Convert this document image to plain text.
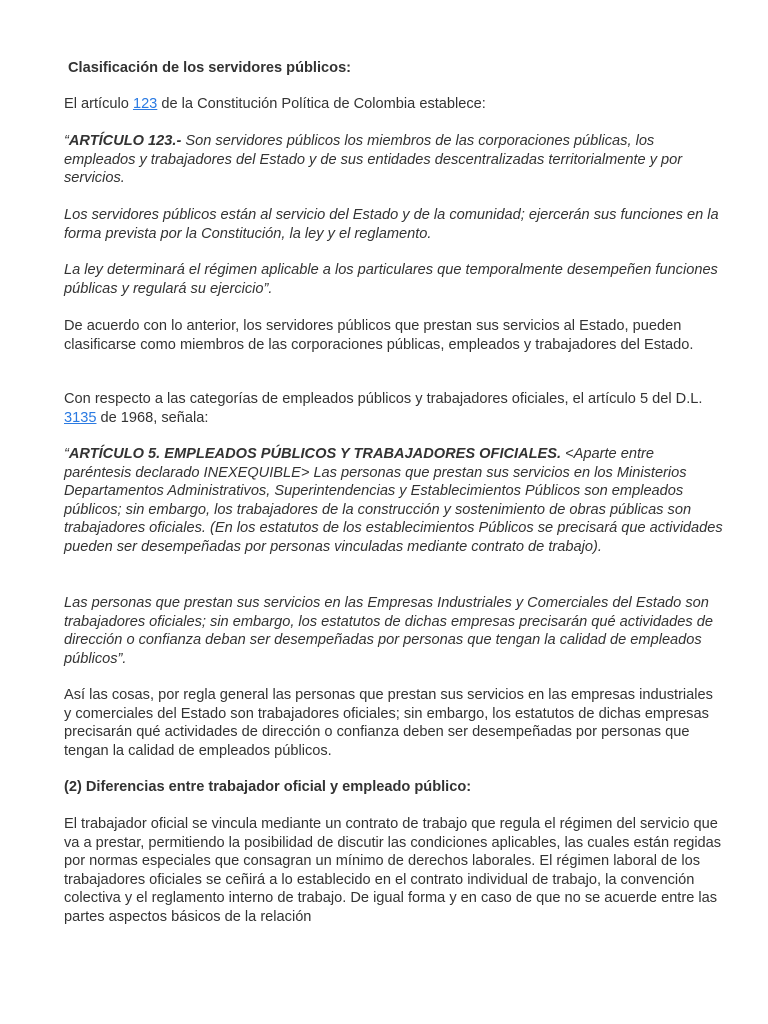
Clasificación de los servidores públicos:

El artículo 123 de la Constitución Política de Colombia establece:

“ARTÍCULO 123.- Son servidores públicos los miembros de las corporaciones públicas, los empleados y trabajadores del Estado y de sus entidades descentralizadas territorialmente y por servicios.

Los servidores públicos están al servicio del Estado y de la comunidad; ejercerán sus funciones en la forma prevista por la Constitución, la ley y el reglamento.

La ley determinará el régimen aplicable a los particulares que temporalmente desempeñen funciones públicas y regulará su ejercicio”.

De acuerdo con lo anterior, los servidores públicos que prestan sus servicios al Estado, pueden clasificarse como miembros de las corporaciones públicas, empleados y trabajadores del Estado.

Con respecto a las categorías de empleados públicos y trabajadores oficiales, el artículo 5 del D.L. 3135 de 1968, señala:

“ARTÍCULO 5. EMPLEADOS PÚBLICOS Y TRABAJADORES OFICIALES. <Aparte entre paréntesis declarado INEXEQUIBLE> Las personas que prestan sus servicios en los Ministerios Departamentos Administrativos, Superintendencias y Establecimientos Públicos son empleados públicos; sin embargo, los trabajadores de la construcción y sostenimiento de obras públicas son trabajadores oficiales. (En los estatutos de los establecimientos Públicos se precisará que actividades pueden ser desempeñadas por personas vinculadas mediante contrato de trabajo).

Las personas que prestan sus servicios en las Empresas Industriales y Comerciales del Estado son trabajadores oficiales; sin embargo, los estatutos de dichas empresas precisarán qué actividades de dirección o confianza deban ser desempeñadas por personas que tengan la calidad de empleados públicos”.

Así las cosas, por regla general las personas que prestan sus servicios en las empresas industriales y comerciales del Estado son trabajadores oficiales; sin embargo, los estatutos de dichas empresas precisarán qué actividades de dirección o confianza deben ser desempeñadas por personas que tengan la calidad de empleados públicos.

(2) Diferencias entre trabajador oficial y empleado público:

El trabajador oficial se vincula mediante un contrato de trabajo que regula el régimen del servicio que va a prestar, permitiendo la posibilidad de discutir las condiciones aplicables, las cuales están regidas por normas especiales que consagran un mínimo de derechos laborales. El régimen laboral de los trabajadores oficiales se ceñirá a lo establecido en el contrato individual de trabajo, la convención colectiva y el reglamento interno de trabajo. De igual forma y en caso de que no se acuerde entre las partes aspectos básicos de la relación
